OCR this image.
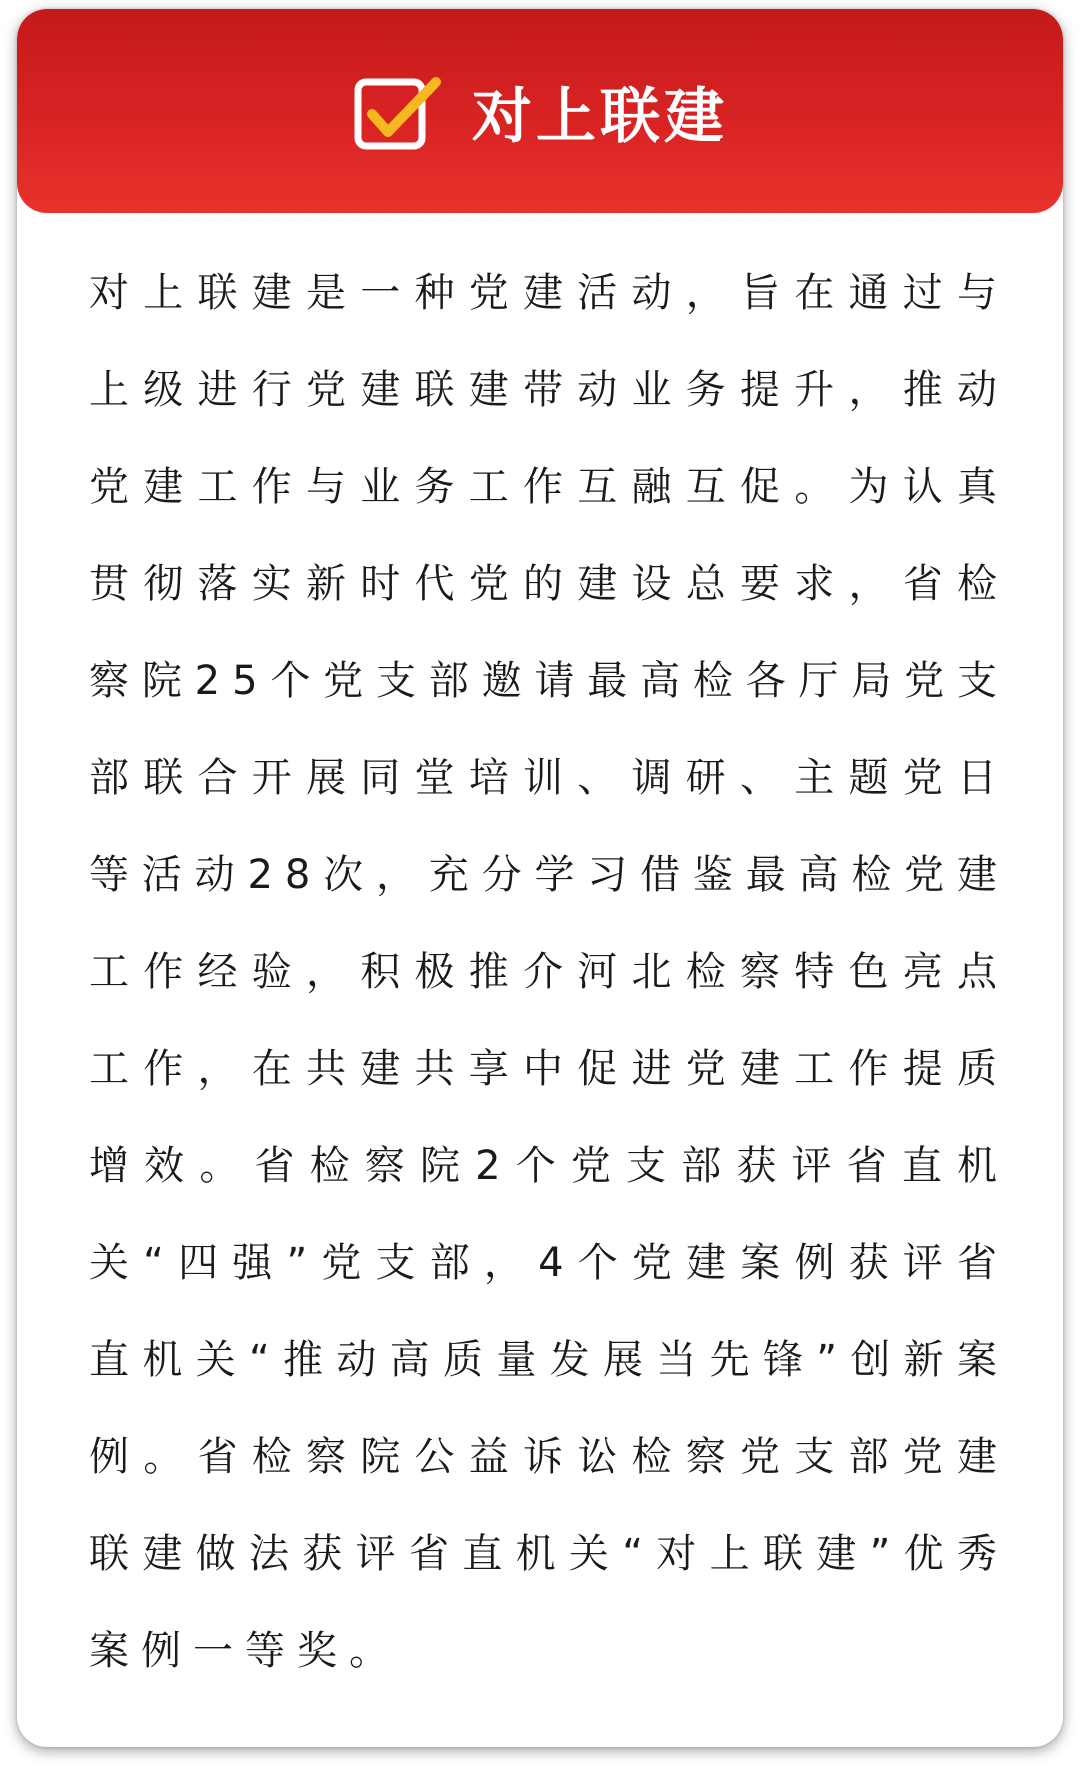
对上联建

对上联建是一种党建活动，旨在通过与上级进行党建联建带动业务提升，推动党建工作与业务工作互融互促。为认真贯彻落实新时代党的建设总要求，省检察院25个党支部邀请最高检各厅局党支部联合开展同堂培训、调研、主题党日等活动28次，充分学习借鉴最高检党建工作经验，积极推介河北检察特色亮点工作，在共建共享中促进党建工作提质增效。省检察院2个党支部获评省直机关“四强”党支部，4个党建案例获评省直机关“推动高质量发展当先锋”创新案例。省检察院公益诉讼检察党支部党建联建做法获评省直机关“对上联建”优秀案例一等奖。
